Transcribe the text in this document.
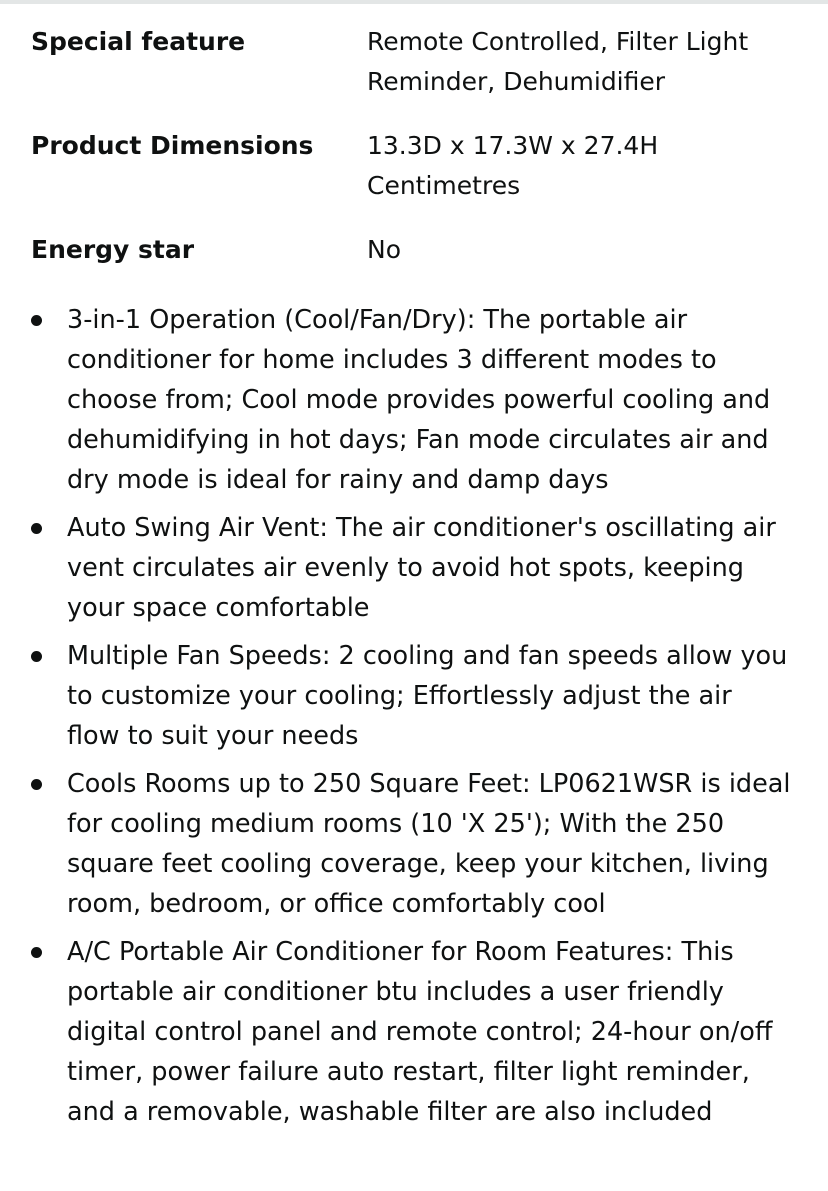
Special feature	Remote Controlled, Filter Light Reminder, Dehumidifier
Product Dimensions	13.3D x 17.3W x 27.4H Centimetres
Energy star	No
3-in-1 Operation (Cool/Fan/Dry): The portable air conditioner for home includes 3 different modes to choose from; Cool mode provides powerful cooling and dehumidifying in hot days; Fan mode circulates air and dry mode is ideal for rainy and damp days
Auto Swing Air Vent: The air conditioner's oscillating air vent circulates air evenly to avoid hot spots, keeping your space comfortable
Multiple Fan Speeds: 2 cooling and fan speeds allow you to customize your cooling; Effortlessly adjust the air flow to suit your needs
Cools Rooms up to 250 Square Feet: LP0621WSR is ideal for cooling medium rooms (10 'X 25'); With the 250 square feet cooling coverage, keep your kitchen, living room, bedroom, or office comfortably cool
A/C Portable Air Conditioner for Room Features: This portable air conditioner btu includes a user friendly digital control panel and remote control; 24-hour on/off timer, power failure auto restart, filter light reminder, and a removable, washable filter are also included
